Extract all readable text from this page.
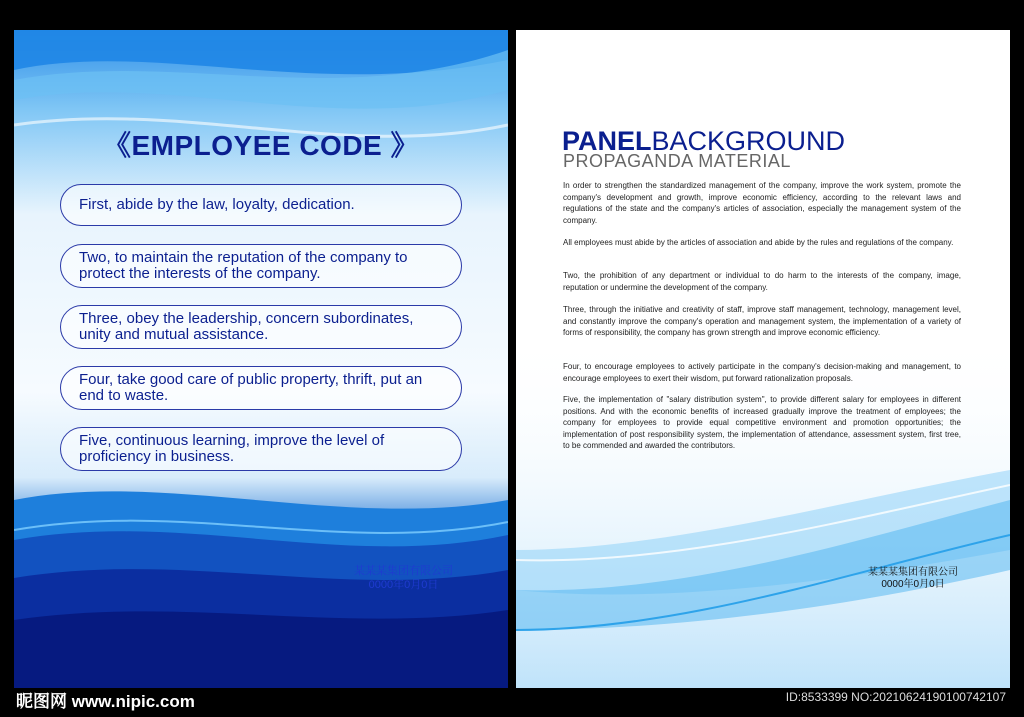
《EMPLOYEE CODE 》
First, abide by the law, loyalty, dedication.
Two, to maintain the reputation of the company to protect the interests of the company.
Three, obey the leadership, concern subordinates, unity and mutual assistance.
Four, take good care of public property, thrift, put an end to waste.
Five, continuous learning, improve the level of proficiency in business.
某某某集团有限公司
0000年0月0日
PANELBACKGROUND
PROPAGANDA MATERIAL

In order to strengthen the standardized management of the company, improve the work system, promote the company's development and growth, improve economic efficiency, according to the relevant laws and regulations of the state and the company's articles of association, especially the management system of the company.

All employees must abide by the articles of association and abide by the rules and regulations of the company.

Two, the prohibition of any department or individual to do harm to the interests of the company, image, reputation or undermine the development of the company.

Three, through the initiative and creativity of staff, improve staff management, technology, management level, and constantly improve the company's operation and management system, the implementation of a variety of forms of responsibility, the company has grown strength and improve economic efficiency.

Four, to encourage employees to actively participate in the company's decision-making and management, to encourage employees to exert their wisdom, put forward rationalization proposals.

Five, the implementation of "salary distribution system", to provide different salary for employees in different positions. And with the economic benefits of increased gradually improve the treatment of employees; the company for employees to provide equal competitive environment and promotion opportunities; the implementation of post responsibility system, the implementation of attendance, assessment system, first tree, to be commended and awarded the contributors.

某某某集团有限公司
0000年0月0日
昵图网 www.nipic.com	ID:8533399 NO:20210624190100742107
